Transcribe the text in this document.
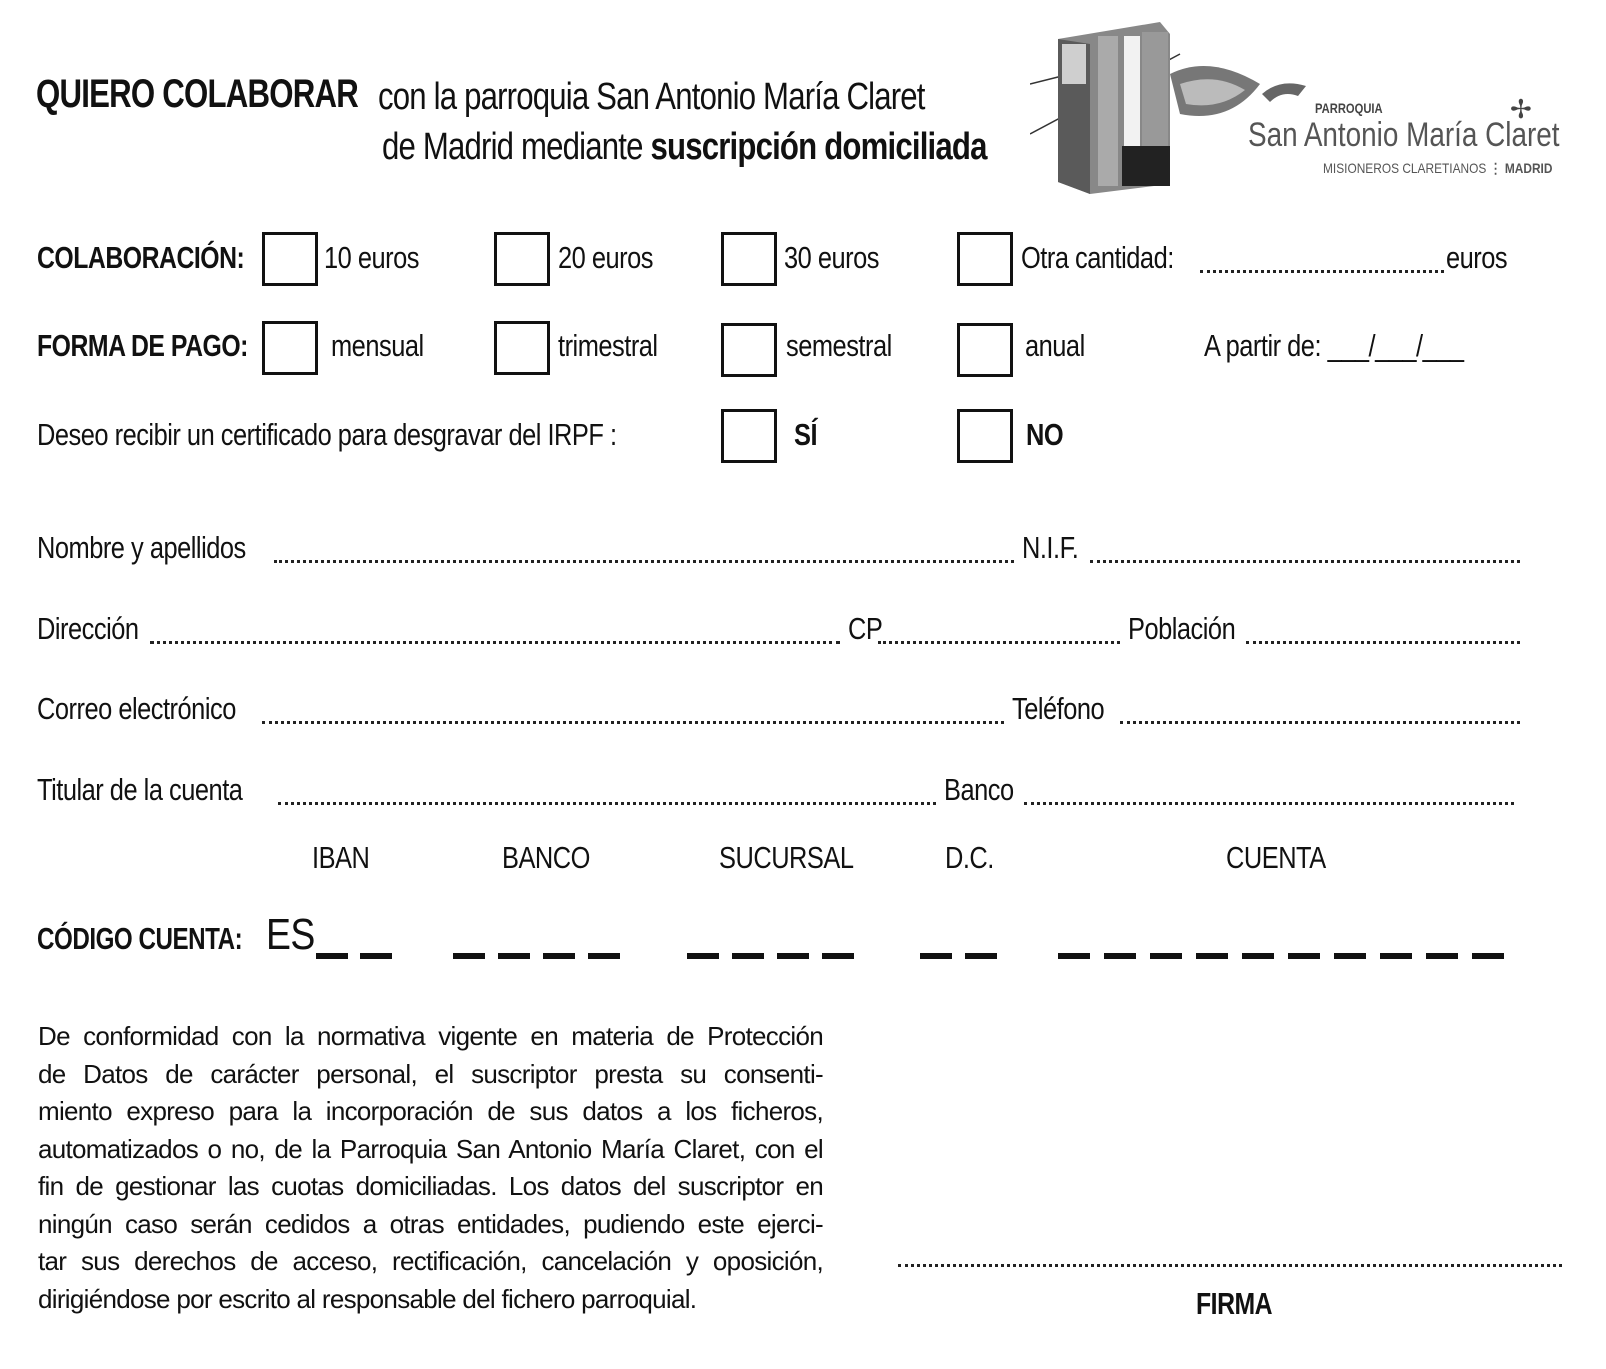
QUIERO COLABORAR con la parroquia San Antonio María Claret
de Madrid mediante suscripción domiciliada
PARROQUIA
San Antonio María Claret
MISIONEROS CLARETIANOS ⋮ MADRID
✢
COLABORACIÓN:	10 euros	20 euros	30 euros	Otra cantidad:	euros
FORMA DE PAGO:	mensual	trimestral	semestral	anual	A partir de: ___/___/___
Deseo recibir un certificado para desgravar del IRPF :	SÍ	NO
Nombre y apellidos	N.I.F.
Dirección	CP	Población
Correo electrónico	Teléfono
Titular de la cuenta	Banco
IBAN	BANCO	SUCURSAL	D.C.	CUENTA
CÓDIGO CUENTA: ES
De conformidad con la normativa vigente en materia de Protección
de Datos de carácter personal, el suscriptor presta su consenti-
miento expreso para la incorporación de sus datos a los ficheros,
automatizados o no, de la Parroquia San Antonio María Claret, con el
fin de gestionar las cuotas domiciliadas. Los datos del suscriptor en
ningún caso serán cedidos a otras entidades, pudiendo este ejerci-
tar sus derechos de acceso, rectificación, cancelación y oposición,
dirigiéndose por escrito al responsable del fichero parroquial.	FIRMA
